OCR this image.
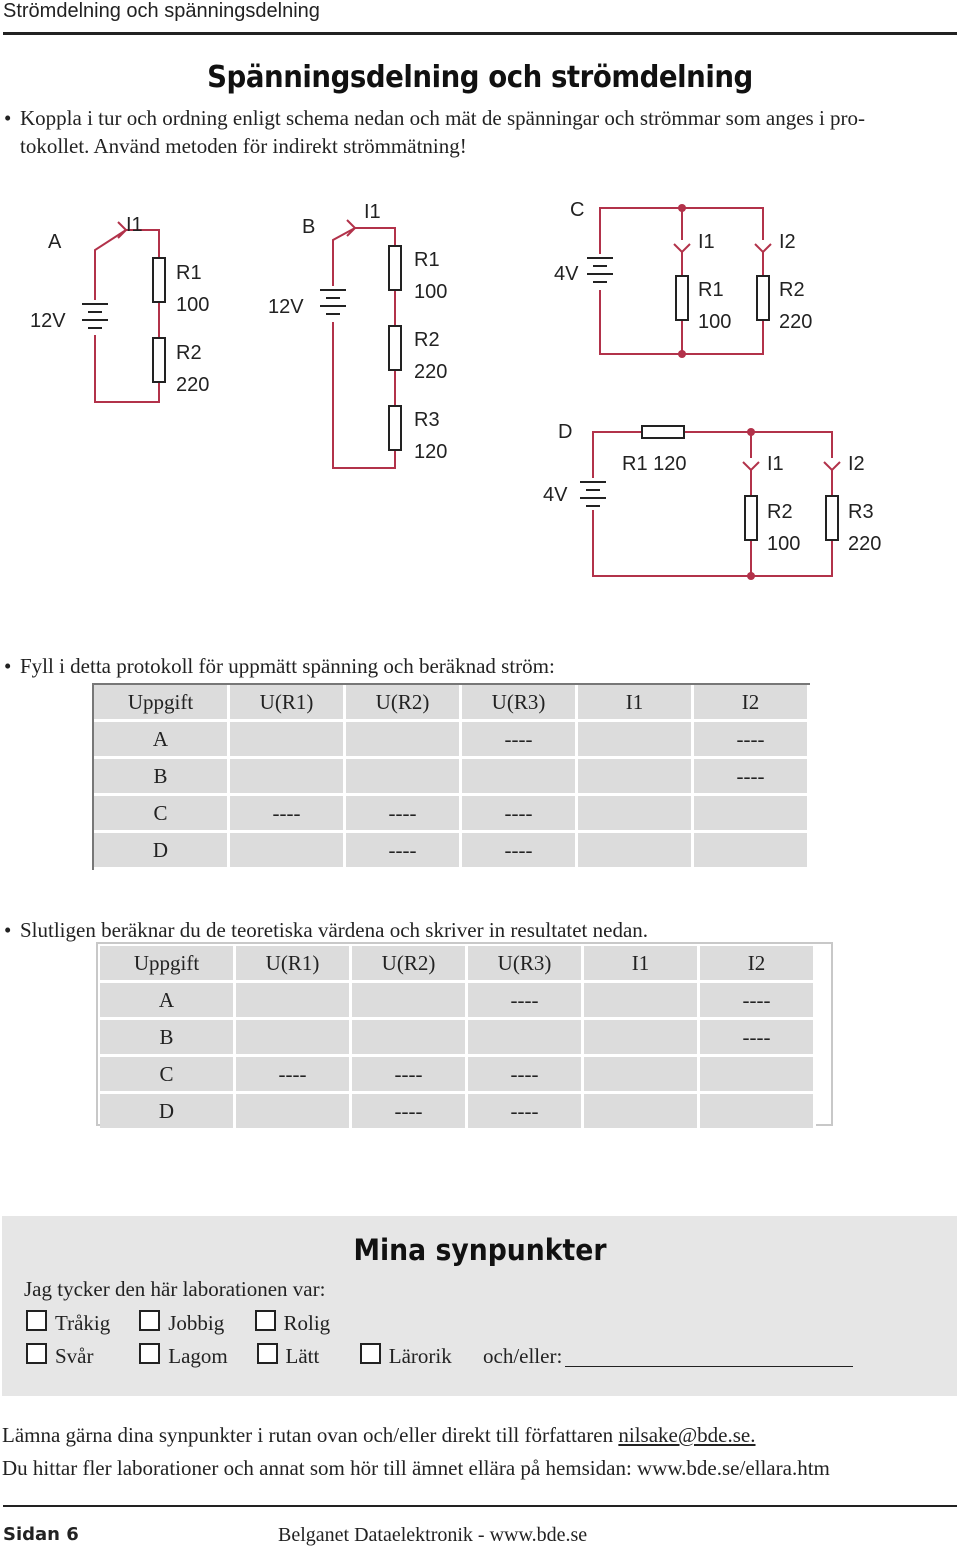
Strömdelning och spänningsdelning
Spänningsdelning och strömdelning
• Koppla i tur och ordning enligt schema nedan och mät de spänningar och strömmar som anges i pro-
tokollet. Använd metoden för indirekt strömmätning!
A
12V
I1
R1
100
R2
220
B
12V
I1
R1
100
R2
220
R3
120
C
4V
I1	I2
R1
100
R2
220
D
4V
R1 120	I1	I2
R2
100
R3
220
• Fyll i detta protokoll för uppmätt spänning och beräknad ström:
Uppgift	U(R1)	U(R2)	U(R3)	I1	I2
A			----		----
B					----
C	----	----	----		
D		----	----		
• Slutligen beräknar du de teoretiska värdena och skriver in resultatet nedan.
Uppgift	U(R1)	U(R2)	U(R3)	I1	I2
A			----		----
B					----
C	----	----	----		
D		----	----		
Mina synpunkter
Jag tycker den här laborationen var:
Tråkig	Jobbig	Rolig
Svår	Lagom	Lätt	Lärorik och/eller:
Lämna gärna dina synpunkter i rutan ovan och/eller direkt till författaren nilsake@bde.se.
Du hittar fler laborationer och annat som hör till ämnet ellära på hemsidan: www.bde.se/ellara.htm
Sidan 6	Belganet Dataelektronik - www.bde.se
